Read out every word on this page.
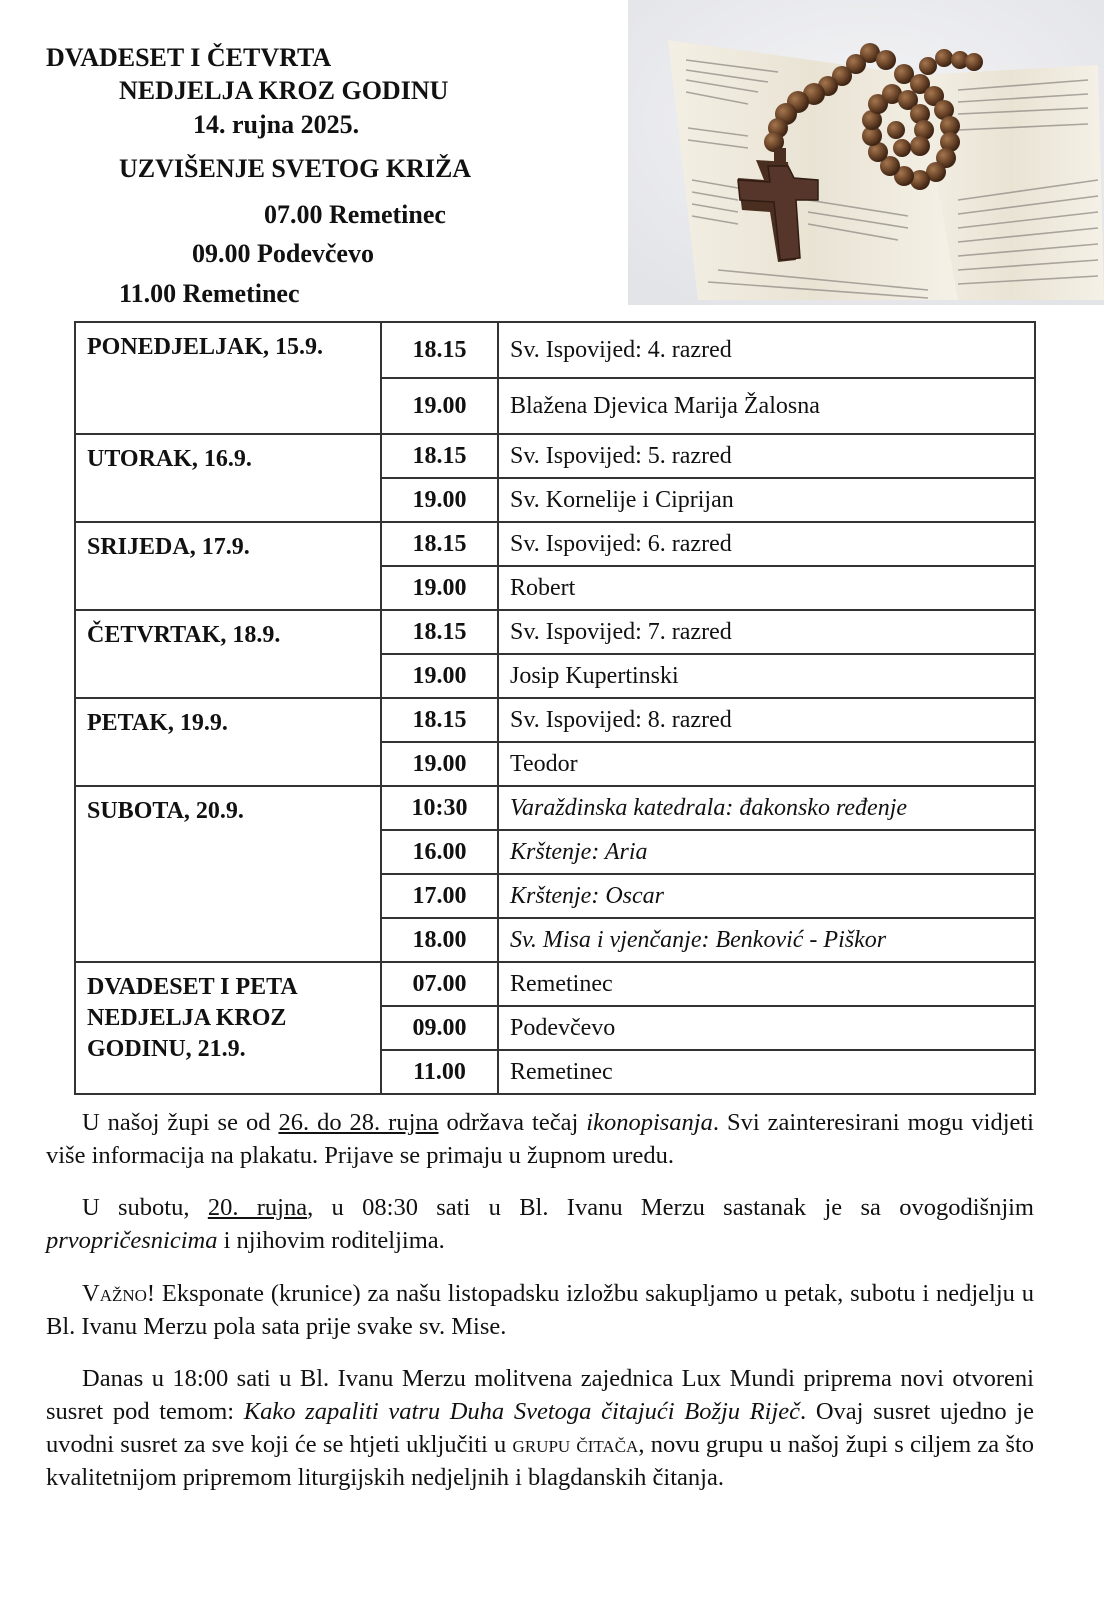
DVADESET I ČETVRTA
NEDJELJA KROZ GODINU
14. rujna 2025.
UZVIŠENJE SVETOG KRIŽA
07.00 Remetinec
09.00 Podevčevo
11.00 Remetinec
PONEDJELJAK, 15.9.	18.15	Sv. Ispovijed: 4. razred
	19.00	Blažena Djevica Marija Žalosna
UTORAK, 16.9.	18.15	Sv. Ispovijed: 5. razred
	19.00	Sv. Kornelije i Ciprijan
SRIJEDA, 17.9.	18.15	Sv. Ispovijed: 6. razred
	19.00	Robert
ČETVRTAK, 18.9.	18.15	Sv. Ispovijed: 7. razred
	19.00	Josip Kupertinski
PETAK, 19.9.	18.15	Sv. Ispovijed: 8. razred
	19.00	Teodor
SUBOTA, 20.9.	10:30	Varaždinska katedrala: đakonsko ređenje
	16.00	Krštenje: Aria
	17.00	Krštenje: Oscar
	18.00	Sv. Misa i vjenčanje: Benković - Piškor

DVADESET I PETA
NEDJELJA KROZ
GODINU, 21.9.	07.00	Remetinec
	09.00	Podevčevo
	11.00	Remetinec

U našoj župi se od 26. do 28. rujna održava tečaj ikonopisanja. Svi zainteresirani mogu vidjeti više informacija na plakatu. Prijave se primaju u župnom uredu.

U subotu, 20. rujna, u 08:30 sati u Bl. Ivanu Merzu sastanak je sa ovogodišnjim prvopričesnicima i njihovim roditeljima.

Važno! Eksponate (krunice) za našu listopadsku izložbu sakupljamo u petak, subotu i nedjelju u Bl. Ivanu Merzu pola sata prije svake sv. Mise.

Danas u 18:00 sati u Bl. Ivanu Merzu molitvena zajednica Lux Mundi priprema novi otvoreni susret pod temom: Kako zapaliti vatru Duha Svetoga čitajući Božju Riječ. Ovaj susret ujedno je uvodni susret za sve koji će se htjeti uključiti u grupu čitača, novu grupu u našoj župi s ciljem za što kvalitetnijom pripremom liturgijskih nedjeljnih i blagdanskih čitanja.
